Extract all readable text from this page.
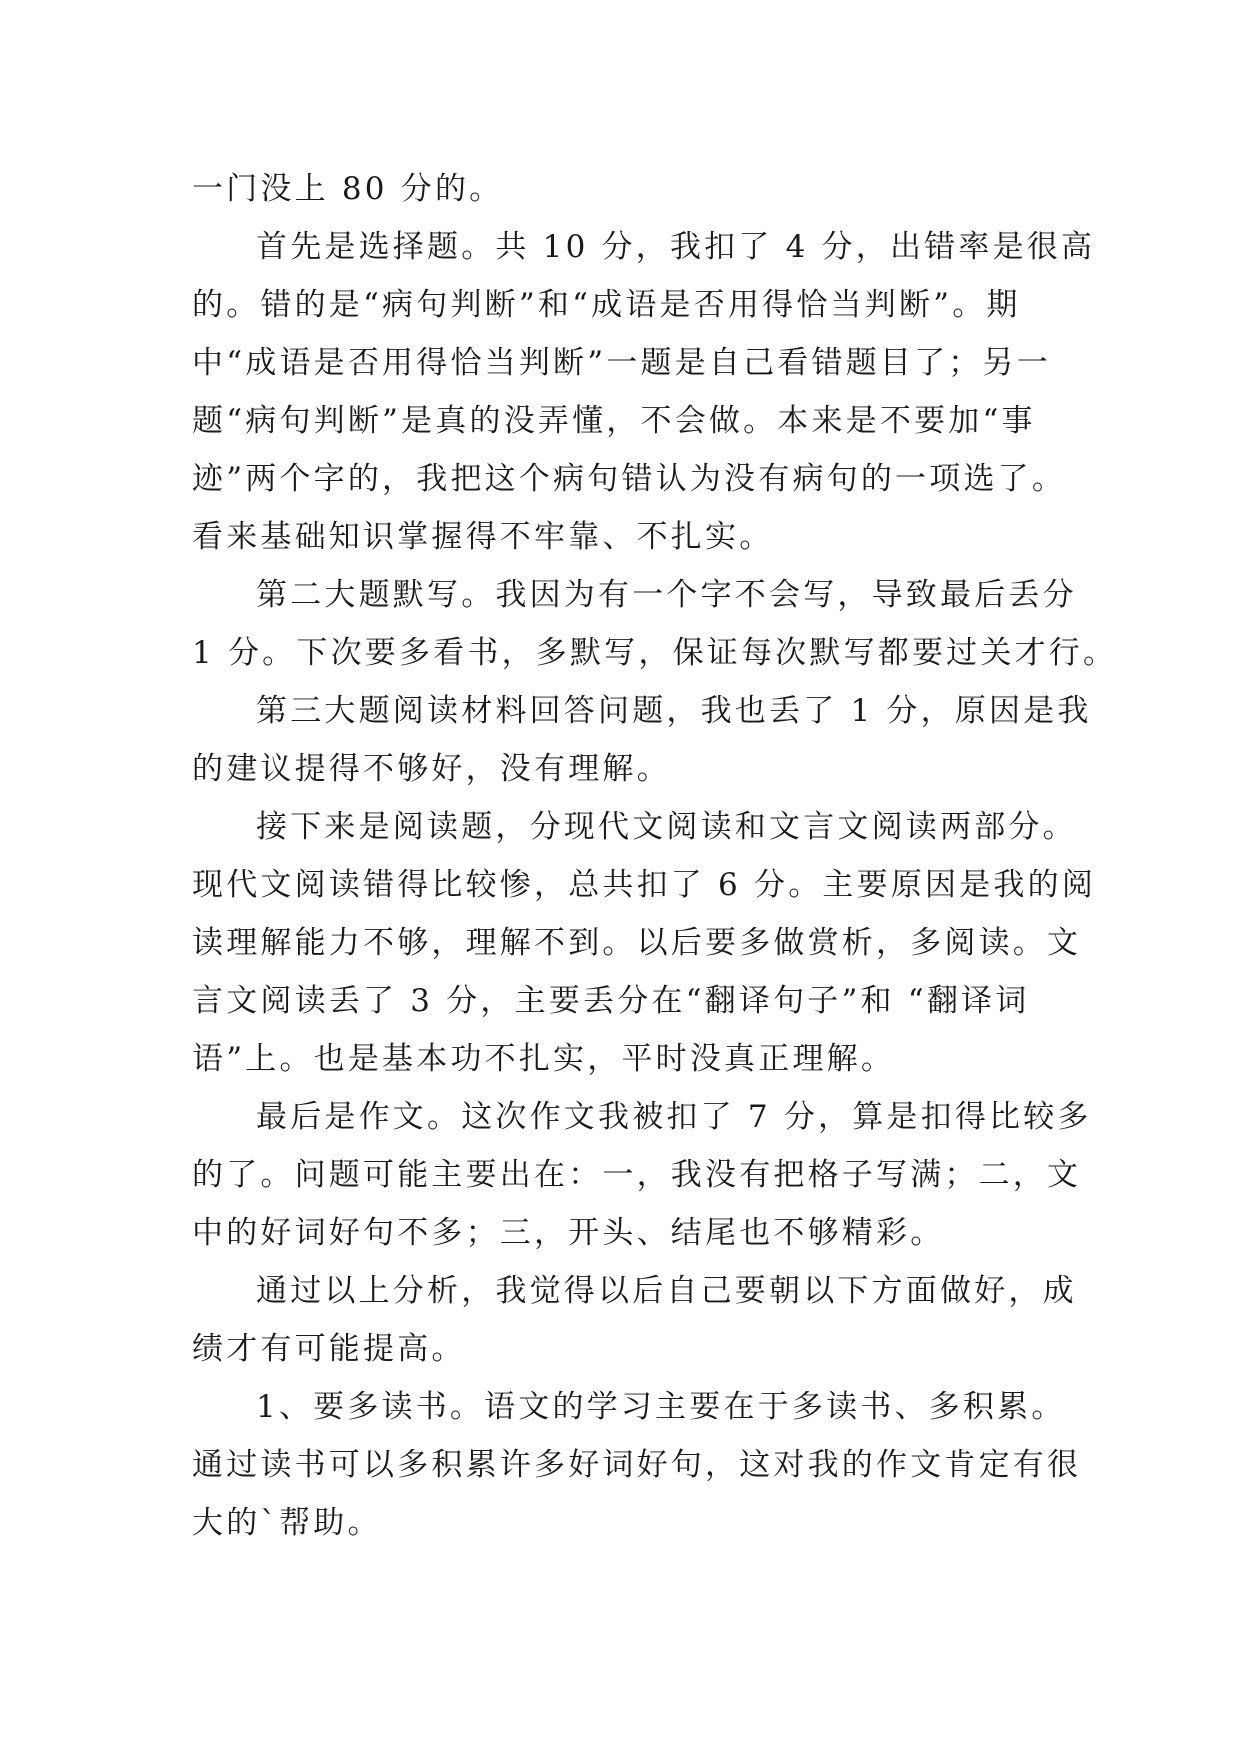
一门没上 80 分的。
首先是选择题。共 10 分，我扣了 4 分，出错率是很高
的。错的是“病句判断”和“成语是否用得恰当判断”。期
中“成语是否用得恰当判断”一题是自己看错题目了；另一
题“病句判断”是真的没弄懂，不会做。本来是不要加“事
迹”两个字的，我把这个病句错认为没有病句的一项选了。
看来基础知识掌握得不牢靠、不扎实。
第二大题默写。我因为有一个字不会写，导致最后丢分
1 分。下次要多看书，多默写，保证每次默写都要过关才行。
第三大题阅读材料回答问题，我也丢了 1 分，原因是我
的建议提得不够好，没有理解。
接下来是阅读题，分现代文阅读和文言文阅读两部分。
现代文阅读错得比较惨，总共扣了 6 分。主要原因是我的阅
读理解能力不够，理解不到。以后要多做赏析，多阅读。文
言文阅读丢了 3 分，主要丢分在“翻译句子”和 “翻译词
语”上。也是基本功不扎实，平时没真正理解。
最后是作文。这次作文我被扣了 7 分，算是扣得比较多
的了。问题可能主要出在：一，我没有把格子写满；二，文
中的好词好句不多；三，开头、结尾也不够精彩。
通过以上分析，我觉得以后自己要朝以下方面做好，成
绩才有可能提高。
1、要多读书。语文的学习主要在于多读书、多积累。
通过读书可以多积累许多好词好句，这对我的作文肯定有很
大的`帮助。
